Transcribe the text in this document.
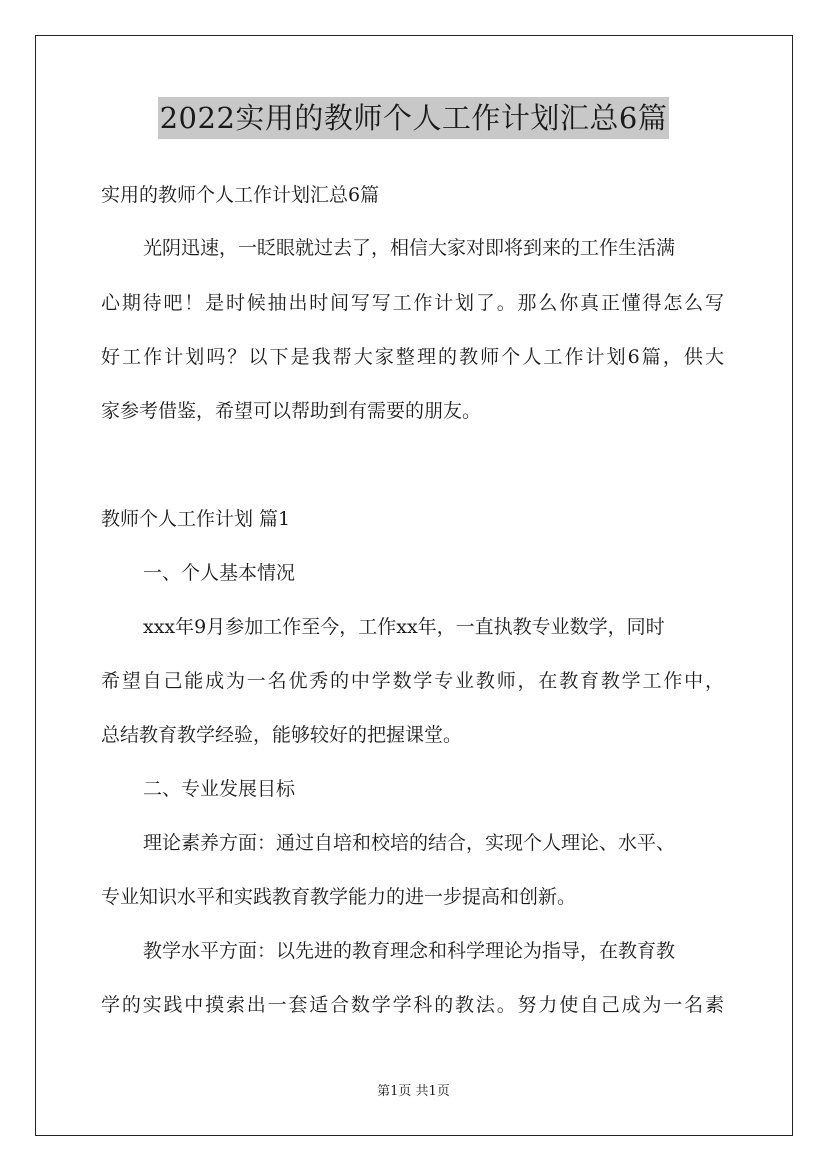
2022实用的教师个人工作计划汇总6篇
实用的教师个人工作计划汇总6篇
光阴迅速，一眨眼就过去了，相信大家对即将到来的工作生活满
心期待吧！是时候抽出时间写写工作计划了。那么你真正懂得怎么写
好工作计划吗？以下是我帮大家整理的教师个人工作计划6篇，供大
家参考借鉴，希望可以帮助到有需要的朋友。
教师个人工作计划 篇1
一、个人基本情况
xxx年9月参加工作至今，工作xx年，一直执教专业数学，同时
希望自己能成为一名优秀的中学数学专业教师，在教育教学工作中，
总结教育教学经验，能够较好的把握课堂。
二、专业发展目标
理论素养方面：通过自培和校培的结合，实现个人理论、水平、
专业知识水平和实践教育教学能力的进一步提高和创新。
教学水平方面：以先进的教育理念和科学理论为指导，在教育教
学的实践中摸索出一套适合数学学科的教法。努力使自己成为一名素
第1页 共1页
